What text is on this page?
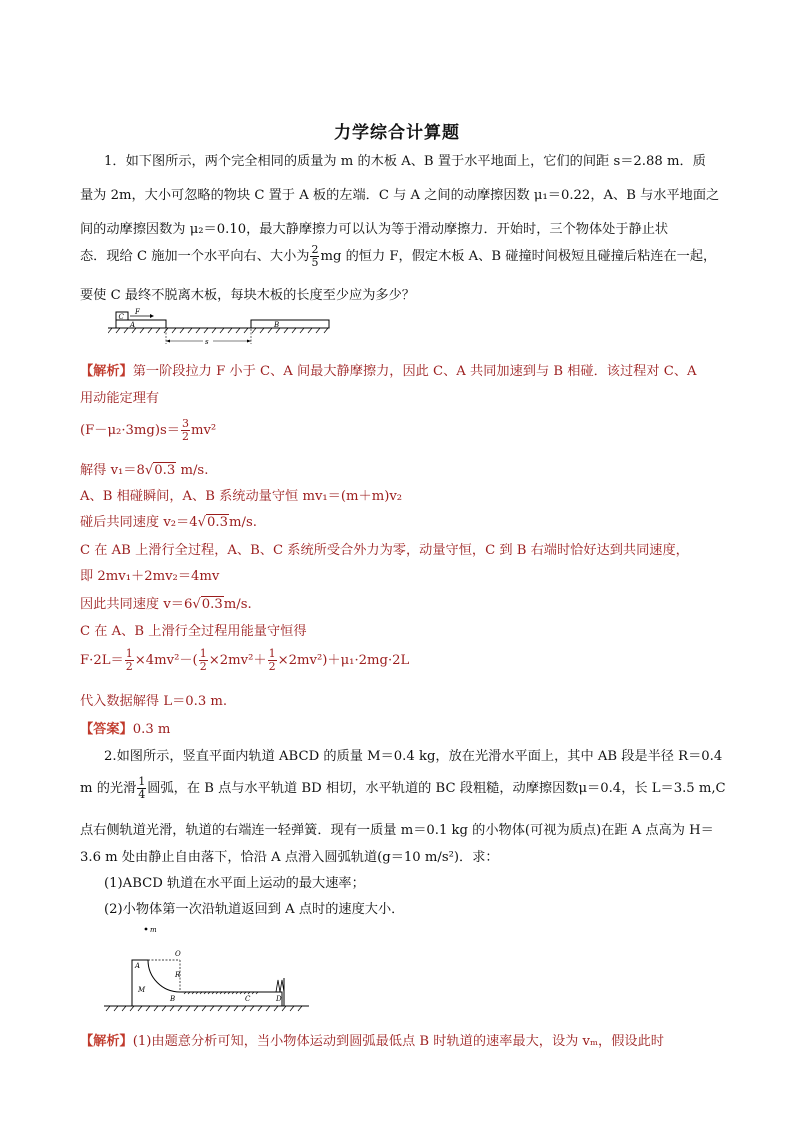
力学综合计算题
1．如下图所示，两个完全相同的质量为 m 的木板 A、B 置于水平地面上，它们的间距 s＝2.88 m．质
量为 2m，大小可忽略的物块 C 置于 A 板的左端．C 与 A 之间的动摩擦因数 μ₁＝0.22，A、B 与水平地面之
间的动摩擦因数为 μ₂＝0.10，最大静摩擦力可以认为等于滑动摩擦力．开始时，三个物体处于静止状
态．现给 C 施加一个水平向右、大小为 $\frac{2}{5}$ mg 的恒力 F，假定木板 A、B 碰撞时间极短且碰撞后粘连在一起，
要使 C 最终不脱离木板，每块木板的长度至少应为多少？
C
F
A	B
s
【解析】第一阶段拉力 F 小于 C、A 间最大静摩擦力，因此 C、A 共同加速到与 B 相碰．该过程对 C、A
用动能定理有
$(F-\mu_2\cdot 3mg)s= \frac{3}{2} mv^2$
解得 v₁＝8√0.3 m/s.
A、B 相碰瞬间，A、B 系统动量守恒 mv₁＝(m＋m)v₂
碰后共同速度 v₂＝4√0.3m/s.
C 在 AB 上滑行全过程，A、B、C 系统所受合外力为零，动量守恒，C 到 B 右端时恰好达到共同速度，
即 2mv₁＋2mv₂＝4mv
因此共同速度 v＝6√0.3m/s.
C 在 A、B 上滑行全过程用能量守恒得
$F\cdot 2L= \frac{1}{2} \times 4mv^2-( \frac{1}{2} \times 2mv^2+ \frac{1}{2} \times 2mv^2)+\mu_1\cdot 2mg\cdot 2L$
代入数据解得 L＝0.3 m.
【答案】0.3 m
2.如图所示，竖直平面内轨道 ABCD 的质量 M＝0.4 kg，放在光滑水平面上，其中 AB 段是半径 R＝0.4
m 的光滑 $\frac{1}{4}$ 圆弧，在 B 点与水平轨道 BD 相切，水平轨道的 BC 段粗糙，动摩擦因数μ＝0.4，长 L＝3.5 m,C
点右侧轨道光滑，轨道的右端连一轻弹簧．现有一质量 m＝0.1 kg 的小物体(可视为质点)在距 A 点高为 H＝
3.6 m 处由静止自由落下，恰沿 A 点滑入圆弧轨道(g＝10 m/s²)．求：
(1)ABCD 轨道在水平面上运动的最大速率；
(2)小物体第一次沿轨道返回到 A 点时的速度大小．
m
O
A
R
M
B	C	D
【解析】(1)由题意分析可知，当小物体运动到圆弧最低点 B 时轨道的速率最大，设为 vₘ，假设此时
